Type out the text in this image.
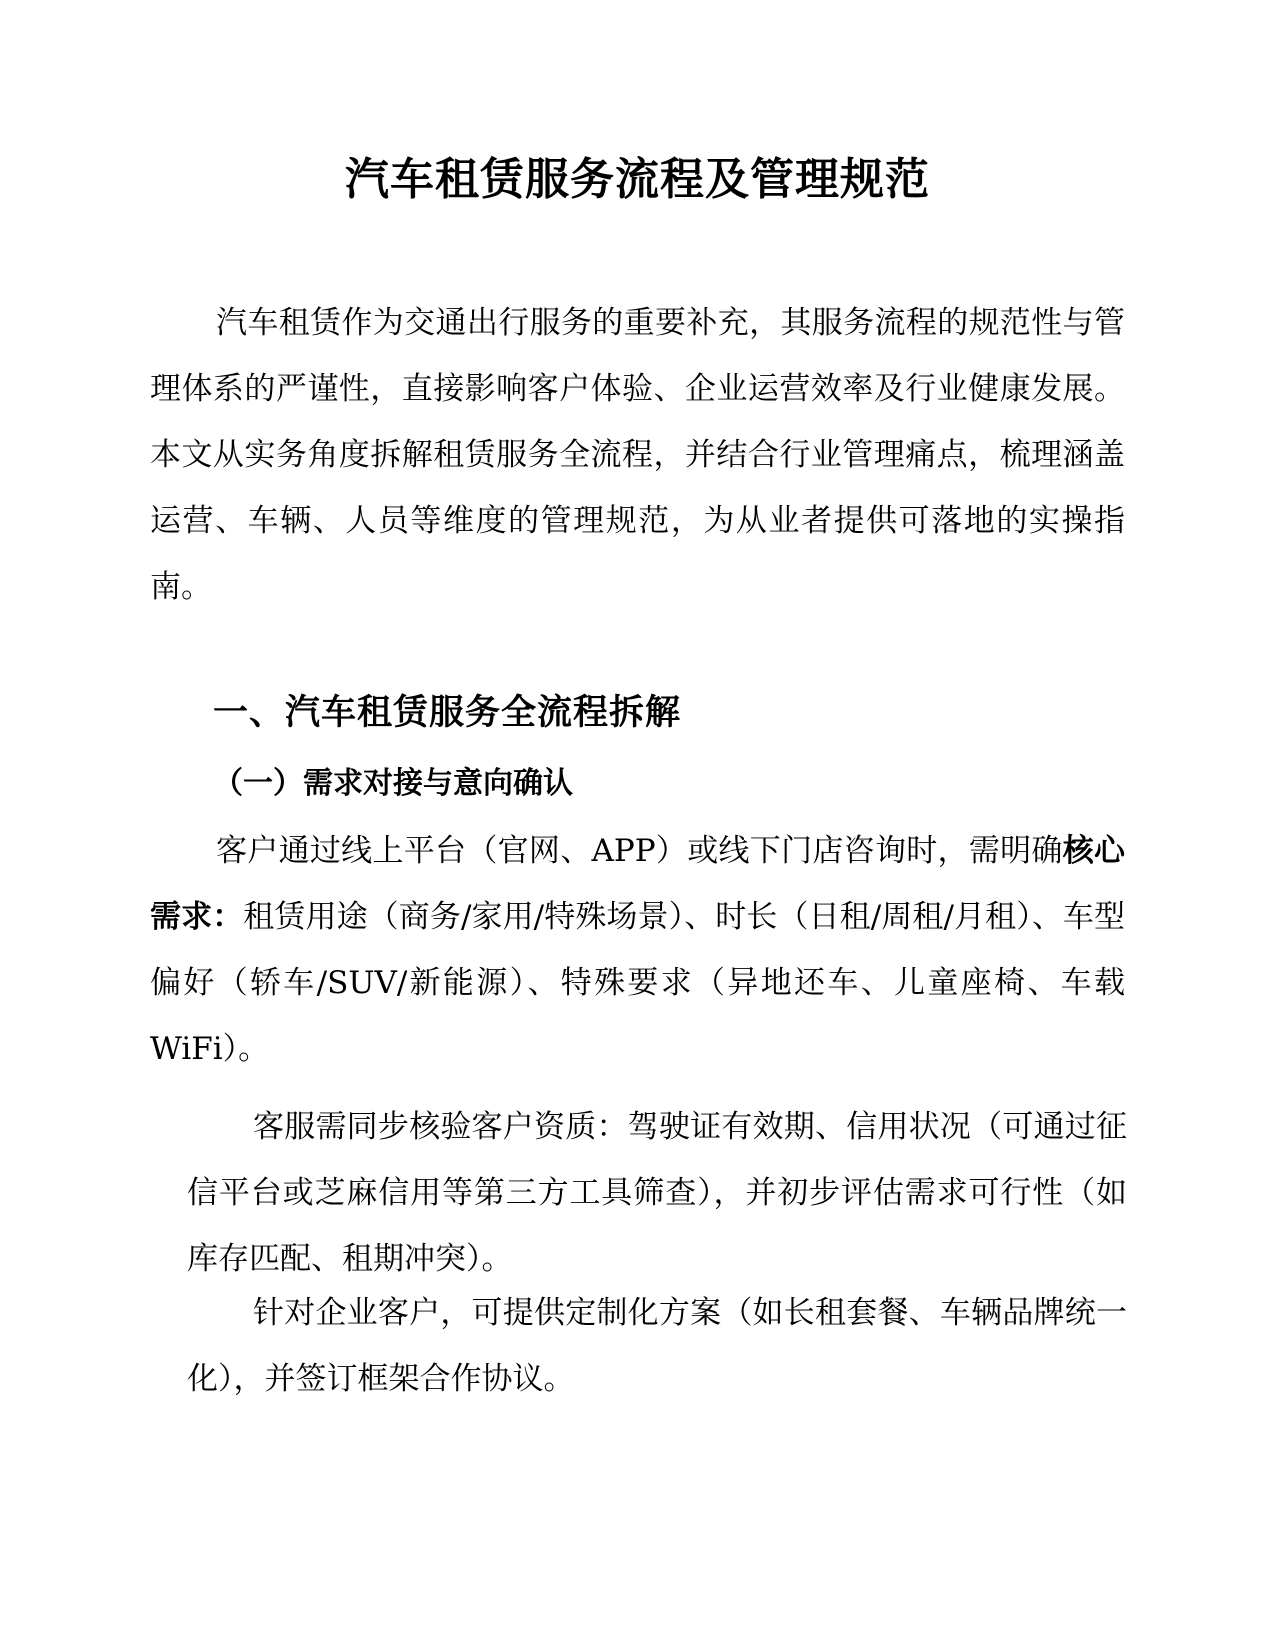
汽车租赁服务流程及管理规范

汽车租赁作为交通出行服务的重要补充，其服务流程的规范性与管理体系的严谨性，直接影响客户体验、企业运营效率及行业健康发展。本文从实务角度拆解租赁服务全流程，并结合行业管理痛点，梳理涵盖运营、车辆、人员等维度的管理规范，为从业者提供可落地的实操指南。

一、汽车租赁服务全流程拆解
（一）需求对接与意向确认

客户通过线上平台（官网、APP）或线下门店咨询时，需明确核心需求：租赁用途（商务/家用/特殊场景）、时长（日租/周租/月租）、车型偏好（轿车/SUV/新能源）、特殊要求（异地还车、儿童座椅、车载 WiFi）。

客服需同步核验客户资质：驾驶证有效期、信用状况（可通过征信平台或芝麻信用等第三方工具筛查），并初步评估需求可行性（如库存匹配、租期冲突）。

针对企业客户，可提供定制化方案（如长租套餐、车辆品牌统一化），并签订框架合作协议。
